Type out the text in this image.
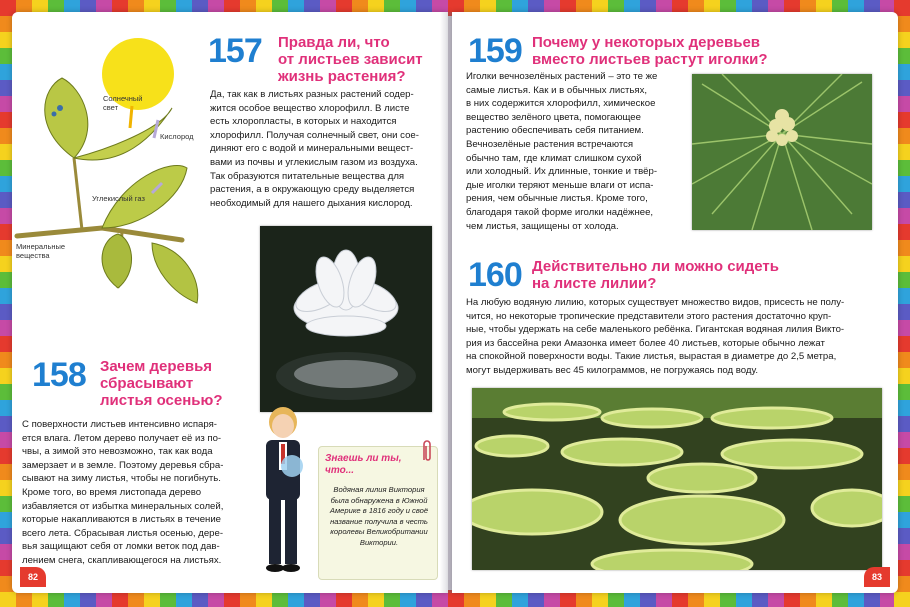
Солнечный
свет
Кислород
Углекислый газ
Минеральные
вещества
157 Правда ли, что
от листьев зависит
жизнь растения?
Да, так как в листьях разных растений содер-
жится особое вещество хлорофилл. В листе
есть хлоропласты, в которых и находится
хлорофилл. Получая солнечный свет, они сое-
диняют его с водой и минеральными вещест-
вами из почвы и углекислым газом из воздуха.
Так образуются питательные вещества для
растения, а в окружающую среду выделяется
необходимый для нашего дыхания кислород.
158 Зачем деревья
сбрасывают
листья осенью?
С поверхности листьев интенсивно испаря-
ется влага. Летом дерево получает её из по-
чвы, а зимой это невозможно, так как вода
замерзает и в земле. Поэтому деревья сбра-
сывают на зиму листья, чтобы не погибнуть.
Кроме того, во время листопада дерево
избавляется от избытка минеральных солей,
которые накапливаются в листьях в течение
всего лета. Сбрасывая листья осенью, дере-
вья защищают себя от ломки веток под дав-
лением снега, скапливающегося на листьях.
Знаешь ли ты,
что...
Водяная лилия Виктория
была обнаружена в Южной
Америке в 1816 году и своё
название получила в честь
королевы Великобритании
Виктории.
82
159 Почему у некоторых деревьев
вместо листьев растут иголки?
Иголки вечнозелёных растений – это те же
самые листья. Как и в обычных листьях,
в них содержится хлорофилл, химическое
вещество зелёного цвета, помогающее
растению обеспечивать себя питанием.
Вечнозелёные растения встречаются
обычно там, где климат слишком сухой
или холодный. Их длинные, тонкие и твёр-
дые иголки теряют меньше влаги от испа-
рения, чем обычные листья. Кроме того,
благодаря такой форме иголки надёжнее,
чем листья, защищены от холода.
160 Действительно ли можно сидеть
на листе лилии?
На любую водяную лилию, которых существует множество видов, присесть не полу-
чится, но некоторые тропические представители этого растения достаточно круп-
ные, чтобы удержать на себе маленького ребёнка. Гигантская водяная лилия Викто-
рия из бассейна реки Амазонка имеет более 40 листьев, которые обычно лежат
на спокойной поверхности воды. Такие листья, вырастая в диаметре до 2,5 метра,
могут выдерживать вес 45 килограммов, не погружаясь под воду.
83
